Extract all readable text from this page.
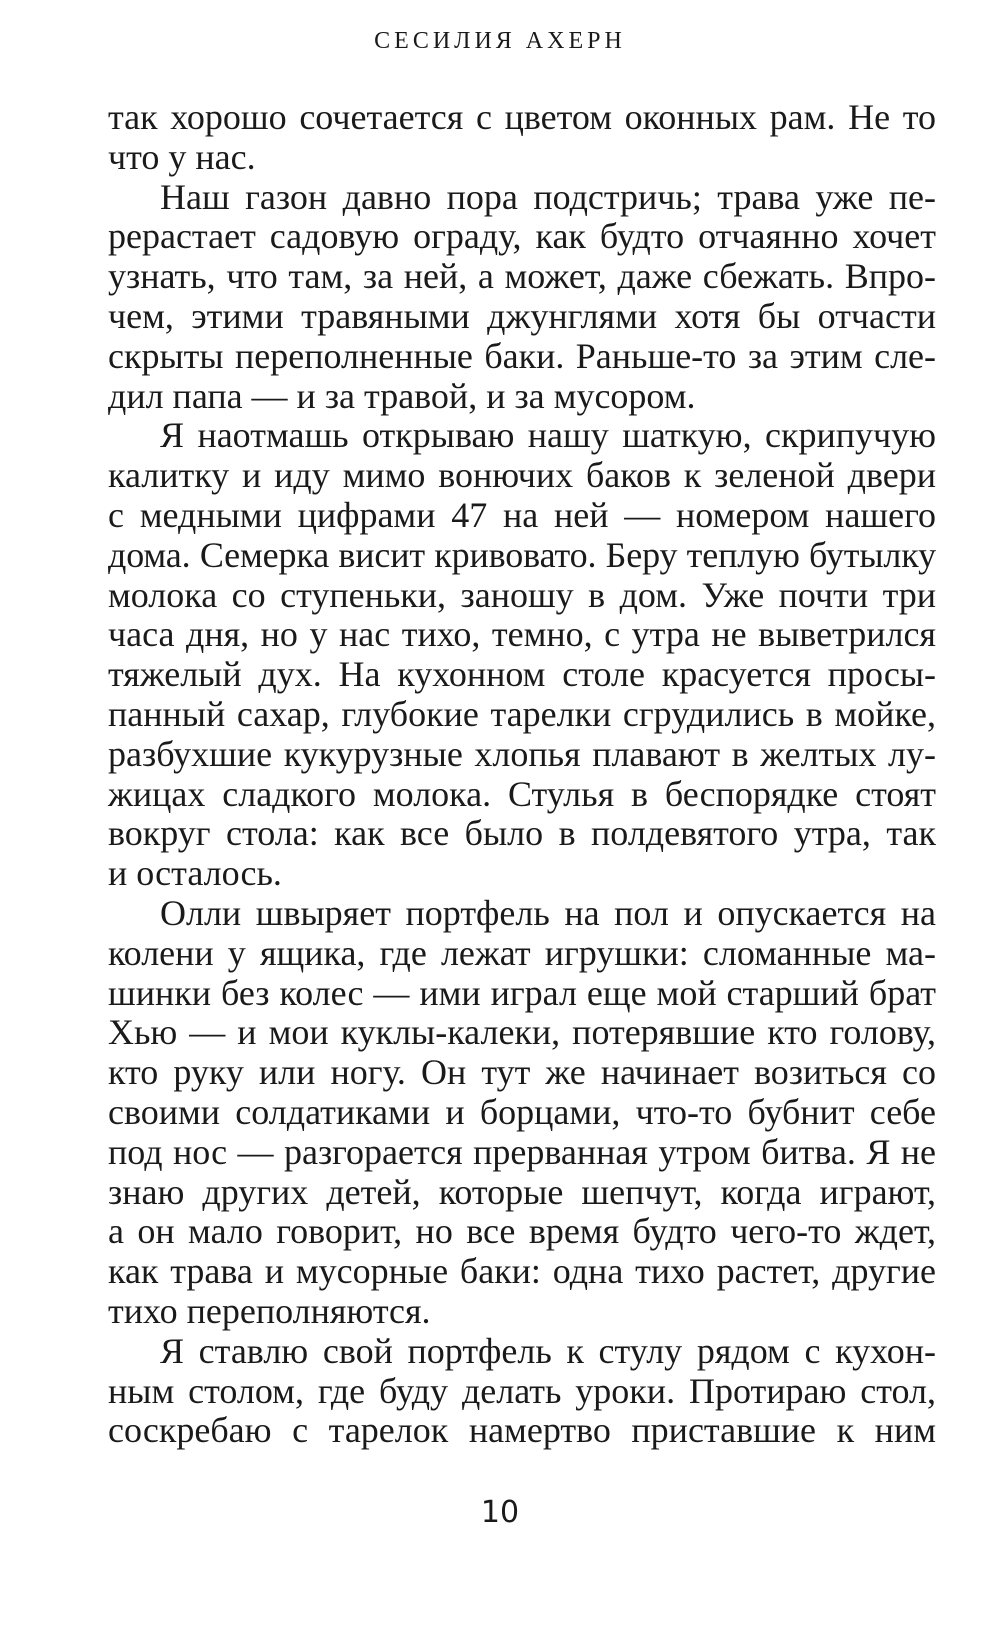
СЕСИЛИЯ АХЕРН
так хорошо сочетается с цветом оконных рам. Не то
что у нас.
Наш газон давно пора подстричь; трава уже пе-
рерастает садовую ограду, как будто отчаянно хочет
узнать, что там, за ней, а может, даже сбежать. Впро-
чем, этими травяными джунглями хотя бы отчасти
скрыты переполненные баки. Раньше-то за этим сле-
дил папа — и за травой, и за мусором.
Я наотмашь открываю нашу шаткую, скрипучую
калитку и иду мимо вонючих баков к зеленой двери
с медными цифрами 47 на ней — номером нашего
дома. Семерка висит кривовато. Беру теплую бутылку
молока со ступеньки, заношу в дом. Уже почти три
часа дня, но у нас тихо, темно, с утра не выветрился
тяжелый дух. На кухонном столе красуется просы-
панный сахар, глубокие тарелки сгрудились в мойке,
разбухшие кукурузные хлопья плавают в желтых лу-
жицах сладкого молока. Стулья в беспорядке стоят
вокруг стола: как все было в полдевятого утра, так
и осталось.
Олли швыряет портфель на пол и опускается на
колени у ящика, где лежат игрушки: сломанные ма-
шинки без колес — ими играл еще мой старший брат
Хью — и мои куклы-калеки, потерявшие кто голову,
кто руку или ногу. Он тут же начинает возиться со
своими солдатиками и борцами, что-то бубнит себе
под нос — разгорается прерванная утром битва. Я не
знаю других детей, которые шепчут, когда играют,
а он мало говорит, но все время будто чего-то ждет,
как трава и мусорные баки: одна тихо растет, другие
тихо переполняются.
Я ставлю свой портфель к стулу рядом с кухон-
ным столом, где буду делать уроки. Протираю стол,
соскребаю с тарелок намертво приставшие к ним
10
